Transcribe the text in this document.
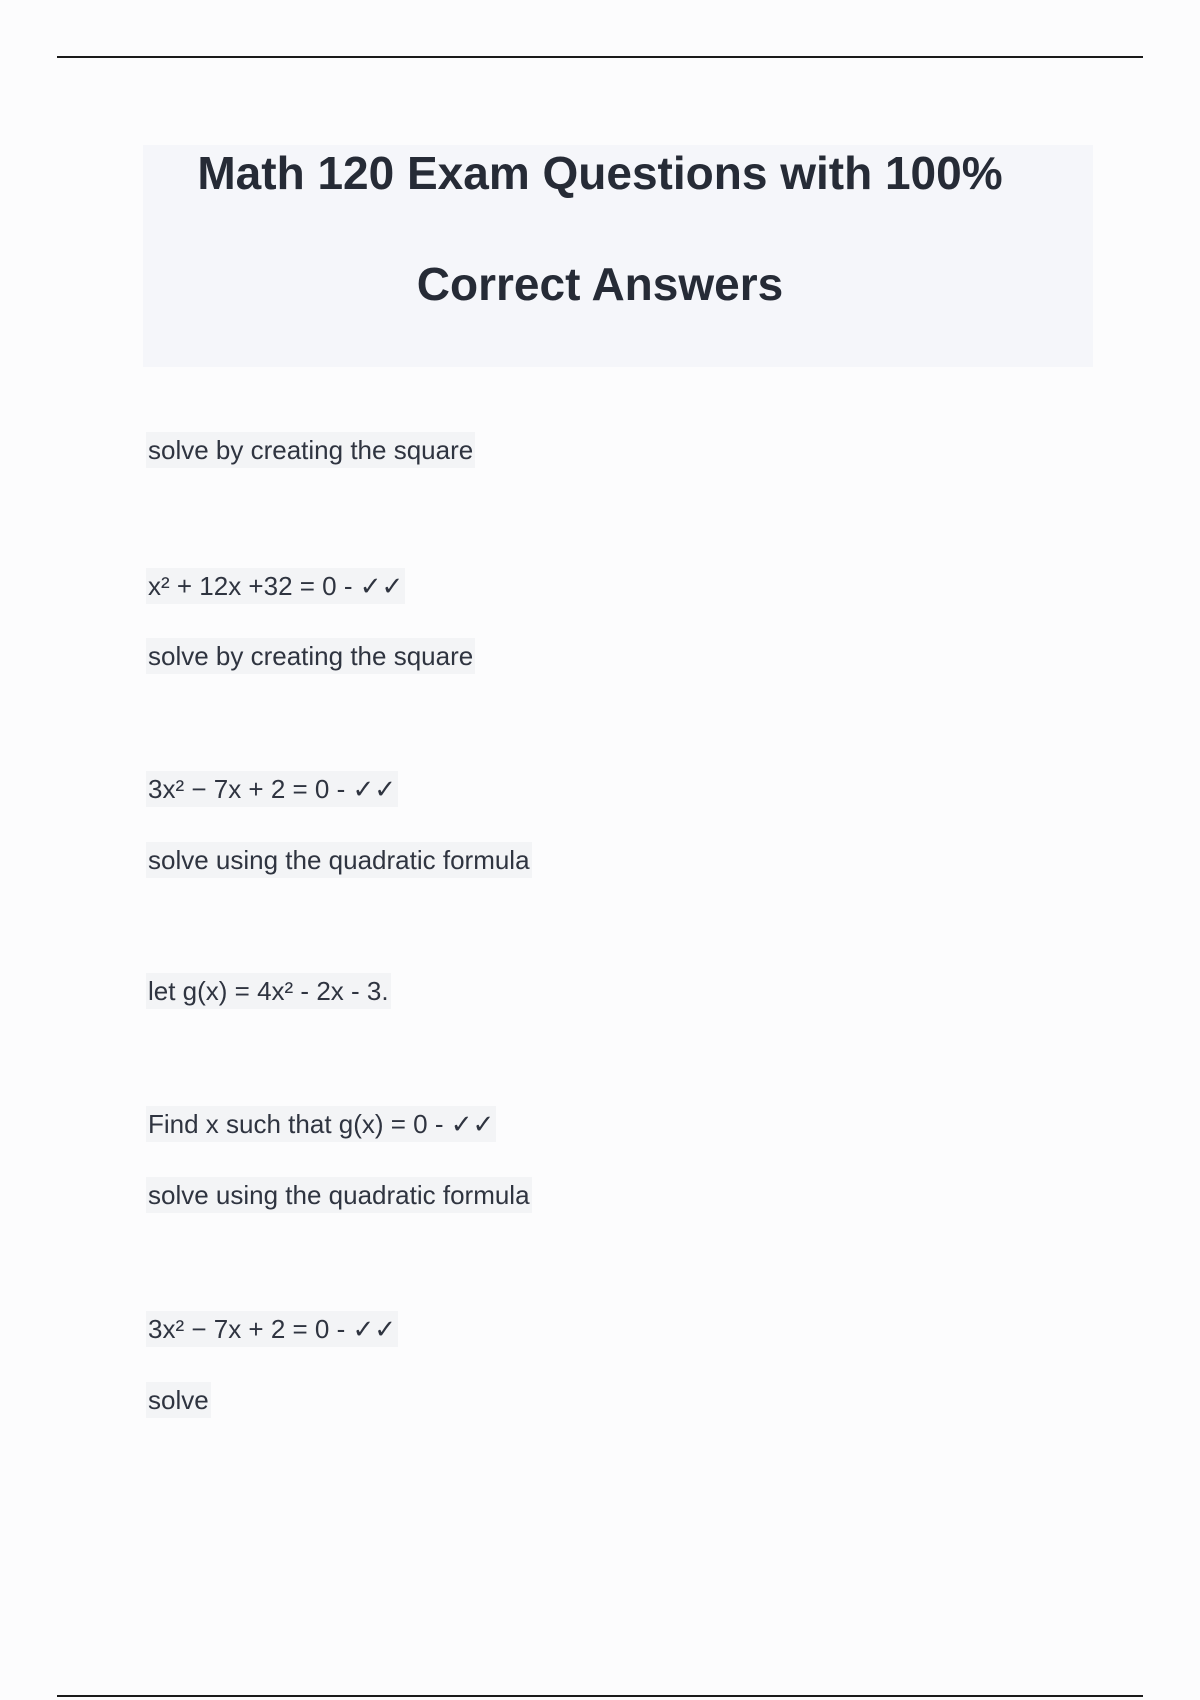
Math 120 Exam Questions with 100%
Correct Answers
solve by creating the square
x² + 12x +32 = 0 - ✓✓
solve by creating the square
3x² − 7x + 2 = 0 - ✓✓
solve using the quadratic formula
let g(x) = 4x² - 2x - 3.
Find x such that g(x) = 0 - ✓✓
solve using the quadratic formula
3x² − 7x + 2 = 0 - ✓✓
solve
